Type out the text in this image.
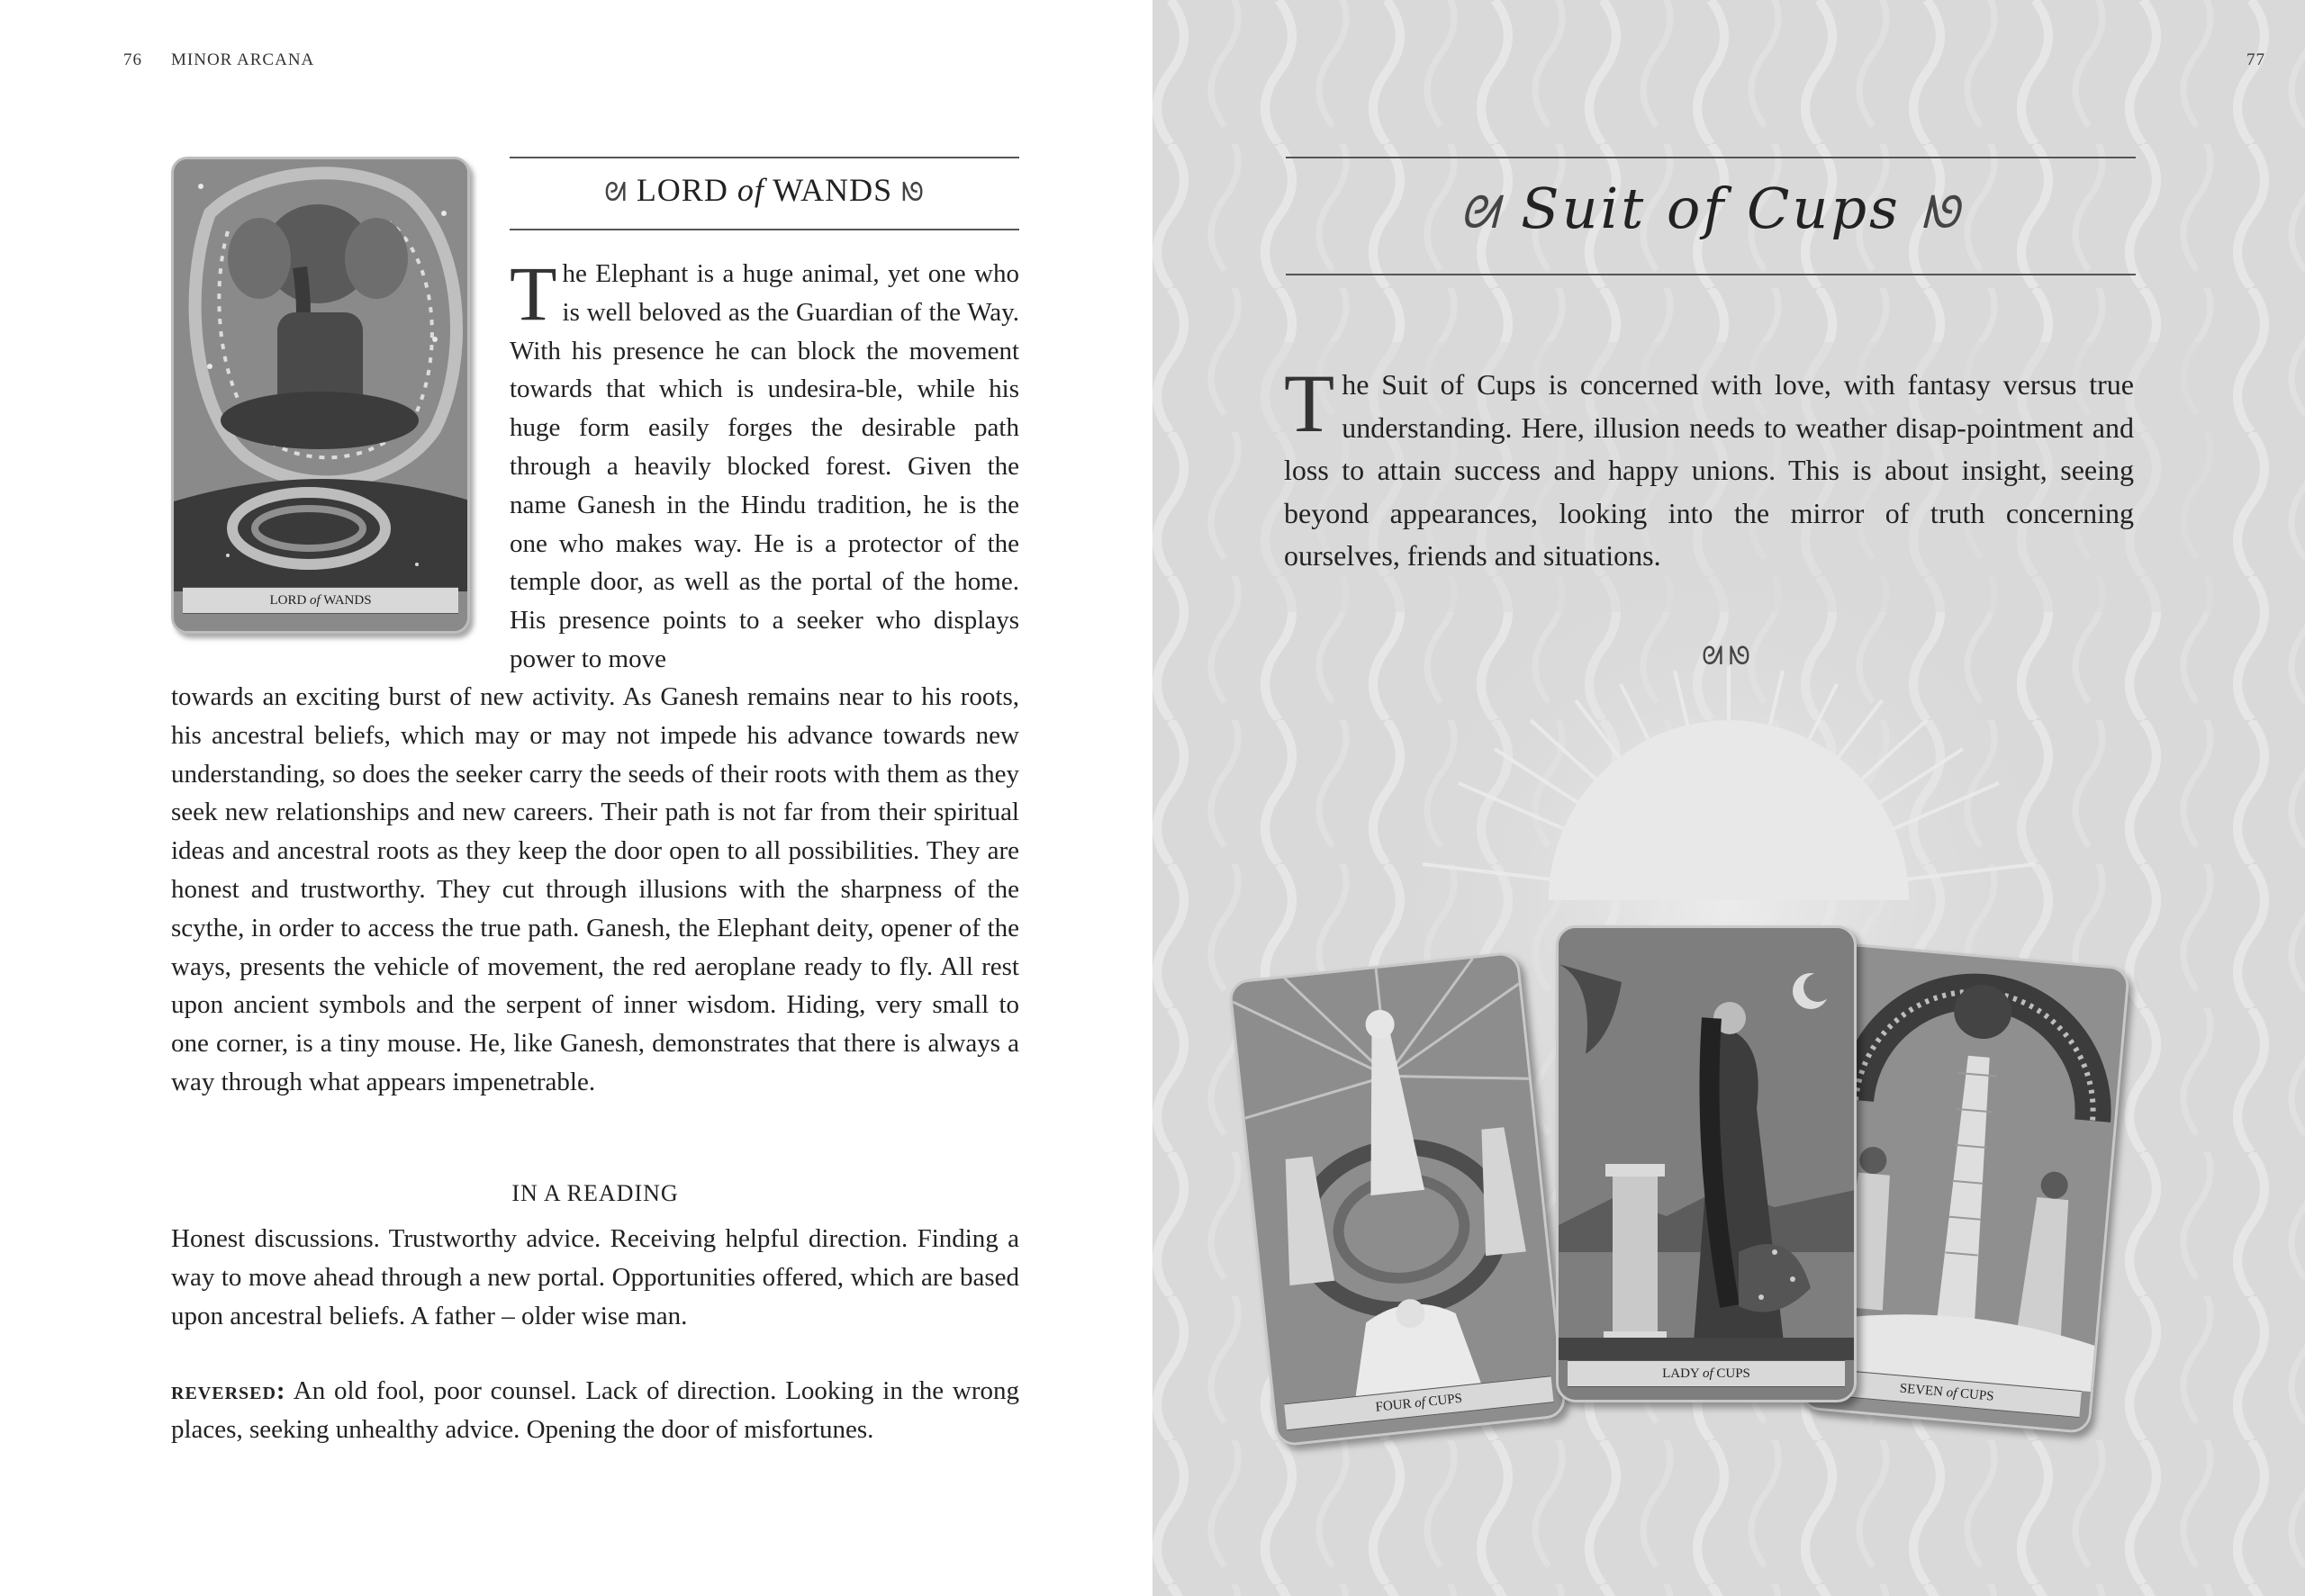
76 MINOR ARCANA
LORD of WANDS
ᘛ LORD of WANDS ᘚ
The Elephant is a huge animal, yet one who is well beloved as the Guardian of the Way. With his presence he can block the movement towards that which is undesira-ble, while his huge form easily forges the desirable path through a heavily blocked forest. Given the name Ganesh in the Hindu tradition, he is the one who makes way. He is a protector of the temple door, as well as the portal of the home. His presence points to a seeker who displays power to move
towards an exciting burst of new activity. As Ganesh remains near to his roots, his ancestral beliefs, which may or may not impede his advance towards new understanding, so does the seeker carry the seeds of their roots with them as they seek new relationships and new careers. Their path is not far from their spiritual ideas and ancestral roots as they keep the door open to all possibilities. They are honest and trustworthy. They cut through illusions with the sharpness of the scythe, in order to access the true path. Ganesh, the Elephant deity, opener of the ways, presents the vehicle of movement, the red aeroplane ready to fly. All rest upon ancient symbols and the serpent of inner wisdom. Hiding, very small to one corner, is a tiny mouse. He, like Ganesh, demonstrates that there is always a way through what appears impenetrable.
IN A READING
Honest discussions. Trustworthy advice. Receiving helpful direction. Finding a way to move ahead through a new portal. Opportunities offered, which are based upon ancestral beliefs. A father – older wise man.
reversed: An old fool, poor counsel. Lack of direction. Looking in the wrong places, seeking unhealthy advice. Opening the door of misfortunes.
77
ᘛ Suit of Cups ᘚ
The Suit of Cups is concerned with love, with fantasy versus true understanding. Here, illusion needs to weather disap-pointment and loss to attain success and happy unions. This is about insight, seeing beyond appearances, looking into the mirror of truth concerning ourselves, friends and situations.
ᘛᘚ
FOUR of CUPS
SEVEN of CUPS
LADY of CUPS
